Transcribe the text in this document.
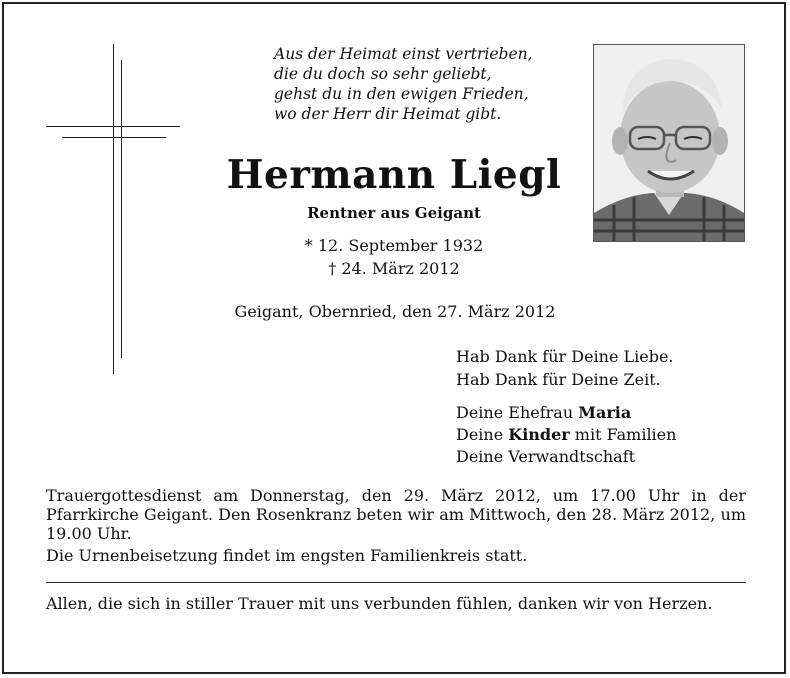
Aus der Heimat einst vertrieben,
die du doch so sehr geliebt,
gehst du in den ewigen Frieden,
wo der Herr dir Heimat gibt.
Hermann Liegl
Rentner aus Geigant
* 12. September 1932
† 24. März 2012
Geigant, Obernried, den 27. März 2012
Hab Dank für Deine Liebe.
Hab Dank für Deine Zeit.
Deine Ehefrau Maria
Deine Kinder mit Familien
Deine Verwandtschaft

Trauergottesdienst am Donnerstag, den 29. März 2012, um 17.00 Uhr in der Pfarrkirche Geigant. Den Rosenkranz beten wir am Mittwoch, den 28. März 2012, um 19.00 Uhr.

Die Urnenbeisetzung findet im engsten Familienkreis statt.

Allen, die sich in stiller Trauer mit uns verbunden fühlen, danken wir von Herzen.
